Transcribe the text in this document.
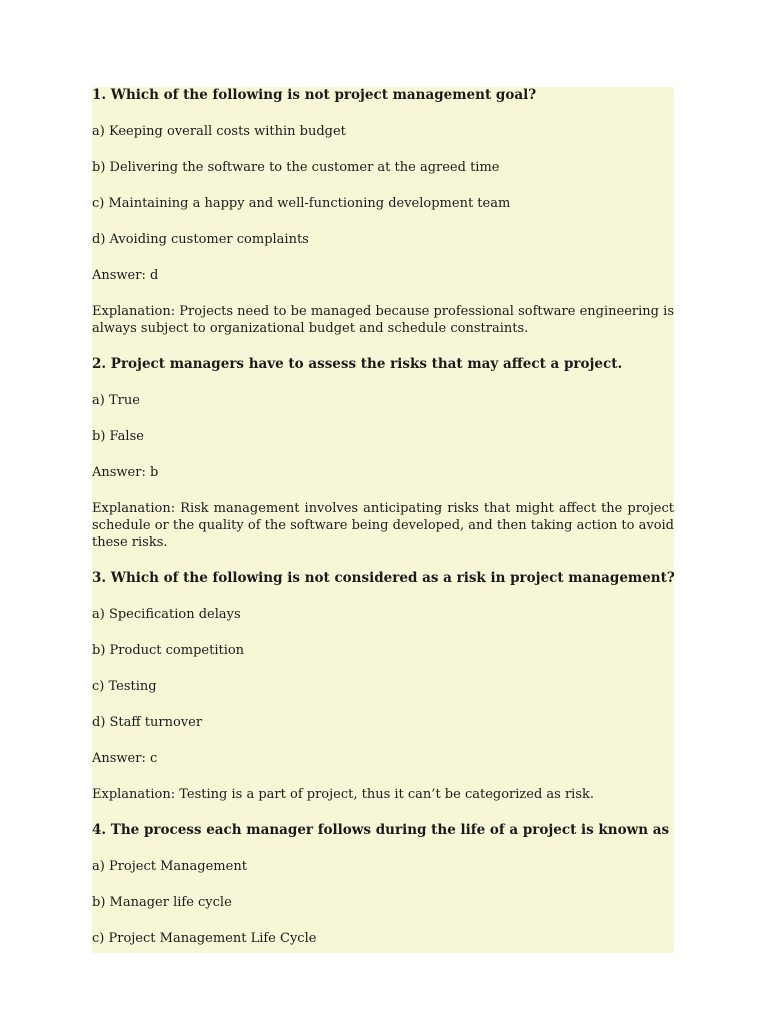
1. Which of the following is not project management goal?

a) Keeping overall costs within budget

b) Delivering the software to the customer at the agreed time

c) Maintaining a happy and well-functioning development team

d) Avoiding customer complaints

Answer: d

Explanation: Projects need to be managed because professional software engineering is always subject to organizational budget and schedule constraints.

2. Project managers have to assess the risks that may affect a project.

a) True

b) False

Answer: b

Explanation: Risk management involves anticipating risks that might affect the project schedule or the quality of the software being developed, and then taking action to avoid these risks.

3. Which of the following is not considered as a risk in project management?

a) Specification delays

b) Product competition

c) Testing

d) Staff turnover

Answer: c

Explanation: Testing is a part of project, thus it can’t be categorized as risk.

4. The process each manager follows during the life of a project is known as

a) Project Management

b) Manager life cycle

c) Project Management Life Cycle
